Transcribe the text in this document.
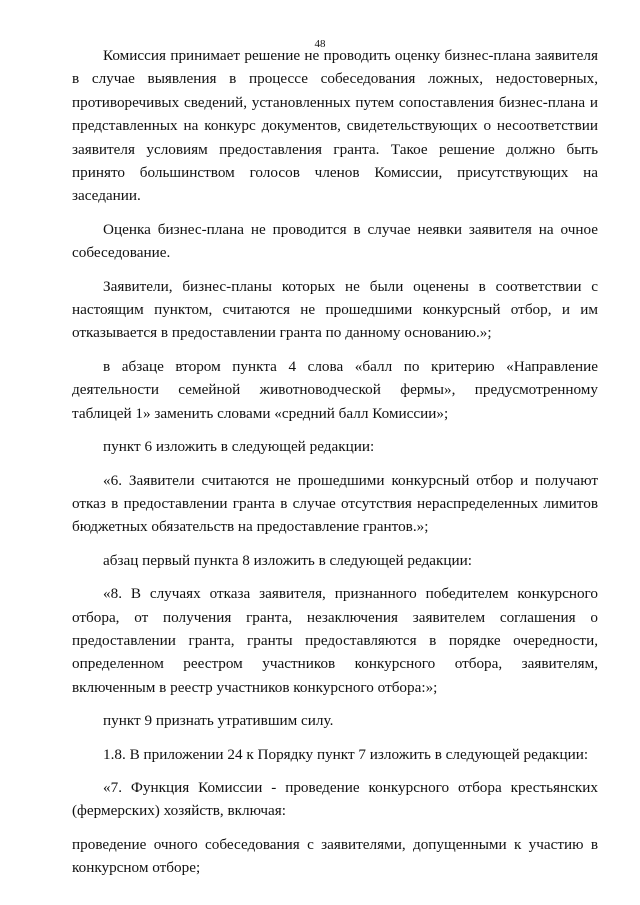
48

Комиссия принимает решение не проводить оценку бизнес-плана заявителя в случае выявления в процессе собеседования ложных, недостоверных, противоречивых сведений, установленных путем сопоставления бизнес-плана и представленных на конкурс документов, свидетельствующих о несоответствии заявителя условиям предоставления гранта. Такое решение должно быть принято большинством голосов членов Комиссии, присутствующих на заседании.

Оценка бизнес-плана не проводится в случае неявки заявителя на очное собеседование.

Заявители, бизнес-планы которых не были оценены в соответствии с настоящим пунктом, считаются не прошедшими конкурсный отбор, и им отказывается в предоставлении гранта по данному основанию.»;

в абзаце втором пункта 4 слова «балл по критерию «Направление деятельности семейной животноводческой фермы», предусмотренному таблицей 1» заменить словами «средний балл Комиссии»;

пункт 6 изложить в следующей редакции:

«6. Заявители считаются не прошедшими конкурсный отбор и получают отказ в предоставлении гранта в случае отсутствия нераспределенных лимитов бюджетных обязательств на предоставление грантов.»;

абзац первый пункта 8 изложить в следующей редакции:

«8. В случаях отказа заявителя, признанного победителем конкурсного отбора, от получения гранта, незаключения заявителем соглашения о предоставлении гранта, гранты предоставляются в порядке очередности, определенном реестром участников конкурсного отбора, заявителям, включенным в реестр участников конкурсного отбора:»;

пункт 9 признать утратившим силу.

1.8. В приложении 24 к Порядку пункт 7 изложить в следующей редакции:

«7. Функция Комиссии - проведение конкурсного отбора крестьянских (фермерских) хозяйств, включая:

проведение очного собеседования с заявителями, допущенными к участию в конкурсном отборе;
